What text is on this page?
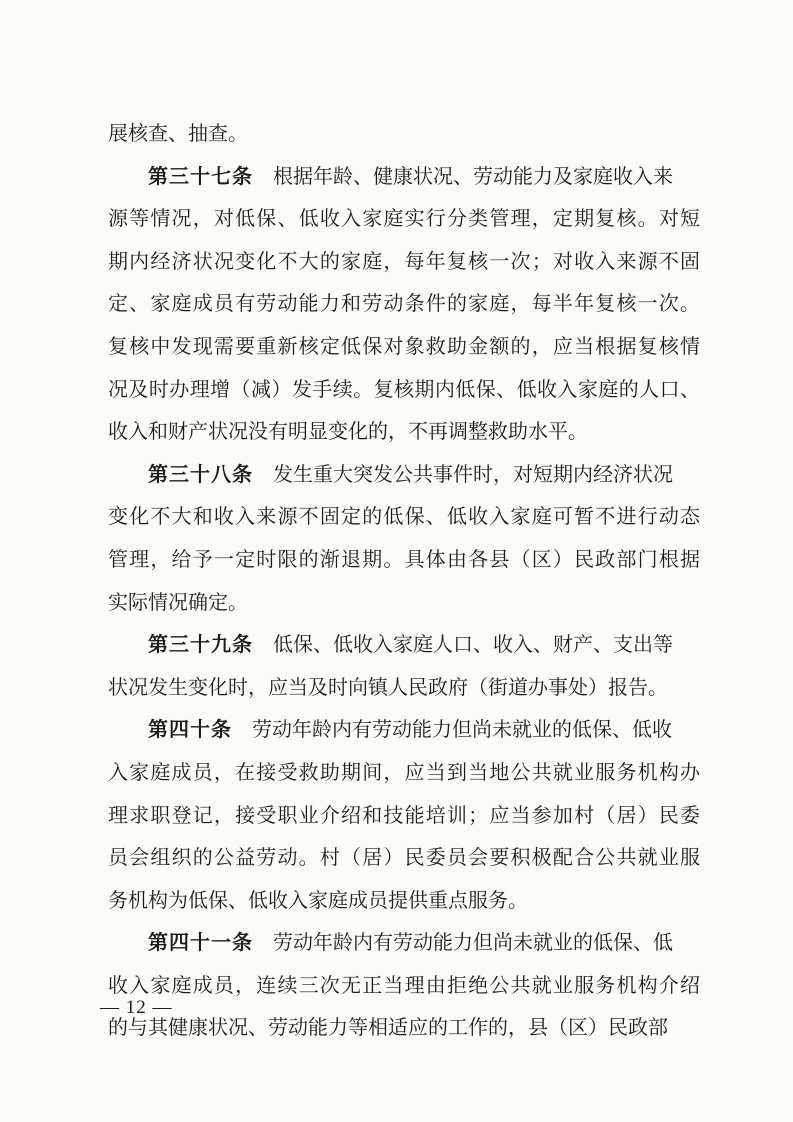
展核查、抽查。
第三十七条 根据年龄、健康状况、劳动能力及家庭收入来
源等情况，对低保、低收入家庭实行分类管理，定期复核。对短
期内经济状况变化不大的家庭，每年复核一次；对收入来源不固
定、家庭成员有劳动能力和劳动条件的家庭，每半年复核一次。
复核中发现需要重新核定低保对象救助金额的，应当根据复核情
况及时办理增（减）发手续。复核期内低保、低收入家庭的人口、
收入和财产状况没有明显变化的，不再调整救助水平。
第三十八条 发生重大突发公共事件时，对短期内经济状况
变化不大和收入来源不固定的低保、低收入家庭可暂不进行动态
管理，给予一定时限的渐退期。具体由各县（区）民政部门根据
实际情况确定。
第三十九条 低保、低收入家庭人口、收入、财产、支出等
状况发生变化时，应当及时向镇人民政府（街道办事处）报告。
第四十条 劳动年龄内有劳动能力但尚未就业的低保、低收
入家庭成员，在接受救助期间，应当到当地公共就业服务机构办
理求职登记，接受职业介绍和技能培训；应当参加村（居）民委
员会组织的公益劳动。村（居）民委员会要积极配合公共就业服
务机构为低保、低收入家庭成员提供重点服务。
第四十一条 劳动年龄内有劳动能力但尚未就业的低保、低
收入家庭成员，连续三次无正当理由拒绝公共就业服务机构介绍
的与其健康状况、劳动能力等相适应的工作的，县（区）民政部
— 12 —
